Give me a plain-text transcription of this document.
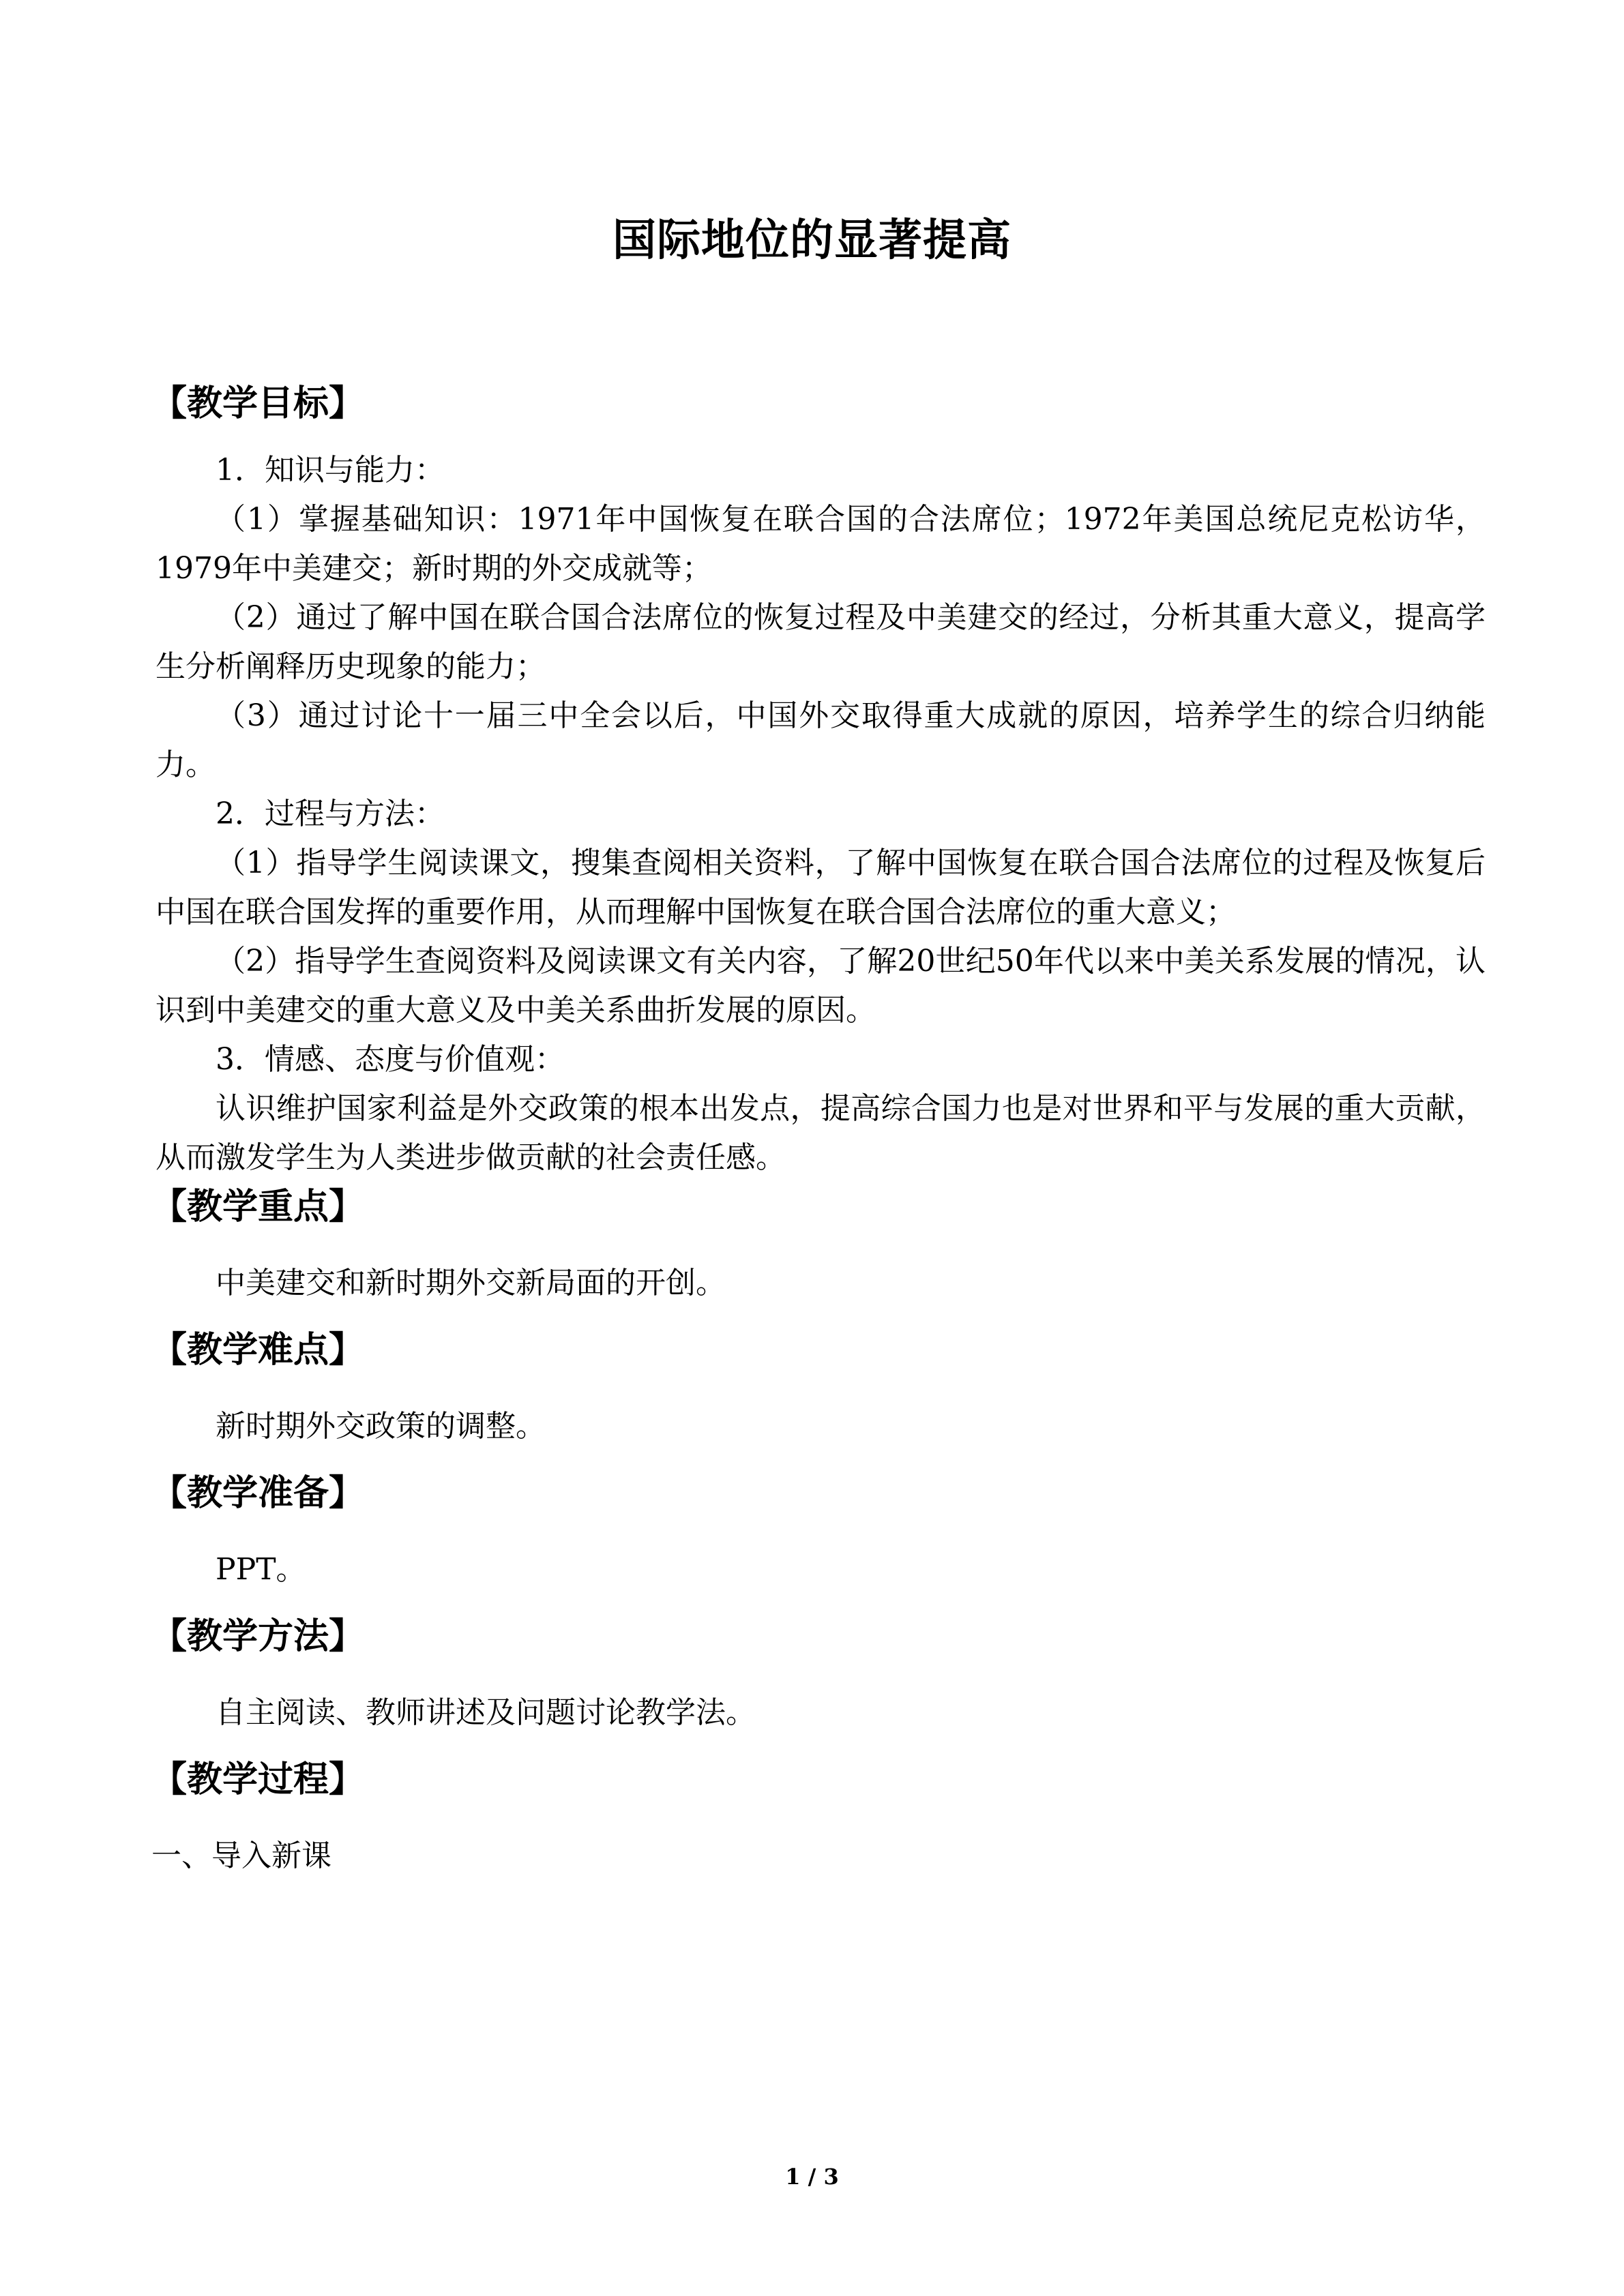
国际地位的显著提高

【教学目标】

1．知识与能力：

（1）掌握基础知识：1971年中国恢复在联合国的合法席位；1972年美国总统尼克松访华，1979年中美建交；新时期的外交成就等；

（2）通过了解中国在联合国合法席位的恢复过程及中美建交的经过，分析其重大意义，提高学生分析阐释历史现象的能力；

（3）通过讨论十一届三中全会以后，中国外交取得重大成就的原因，培养学生的综合归纳能力。

2．过程与方法：

（1）指导学生阅读课文，搜集查阅相关资料，了解中国恢复在联合国合法席位的过程及恢复后中国在联合国发挥的重要作用，从而理解中国恢复在联合国合法席位的重大意义；

（2）指导学生查阅资料及阅读课文有关内容，了解20世纪50年代以来中美关系发展的情况，认识到中美建交的重大意义及中美关系曲折发展的原因。

3．情感、态度与价值观：

认识维护国家利益是外交政策的根本出发点，提高综合国力也是对世界和平与发展的重大贡献，从而激发学生为人类进步做贡献的社会责任感。

【教学重点】

中美建交和新时期外交新局面的开创。

【教学难点】

新时期外交政策的调整。

【教学准备】

PPT。

【教学方法】

自主阅读、教师讲述及问题讨论教学法。

【教学过程】

一、导入新课

1 / 3
